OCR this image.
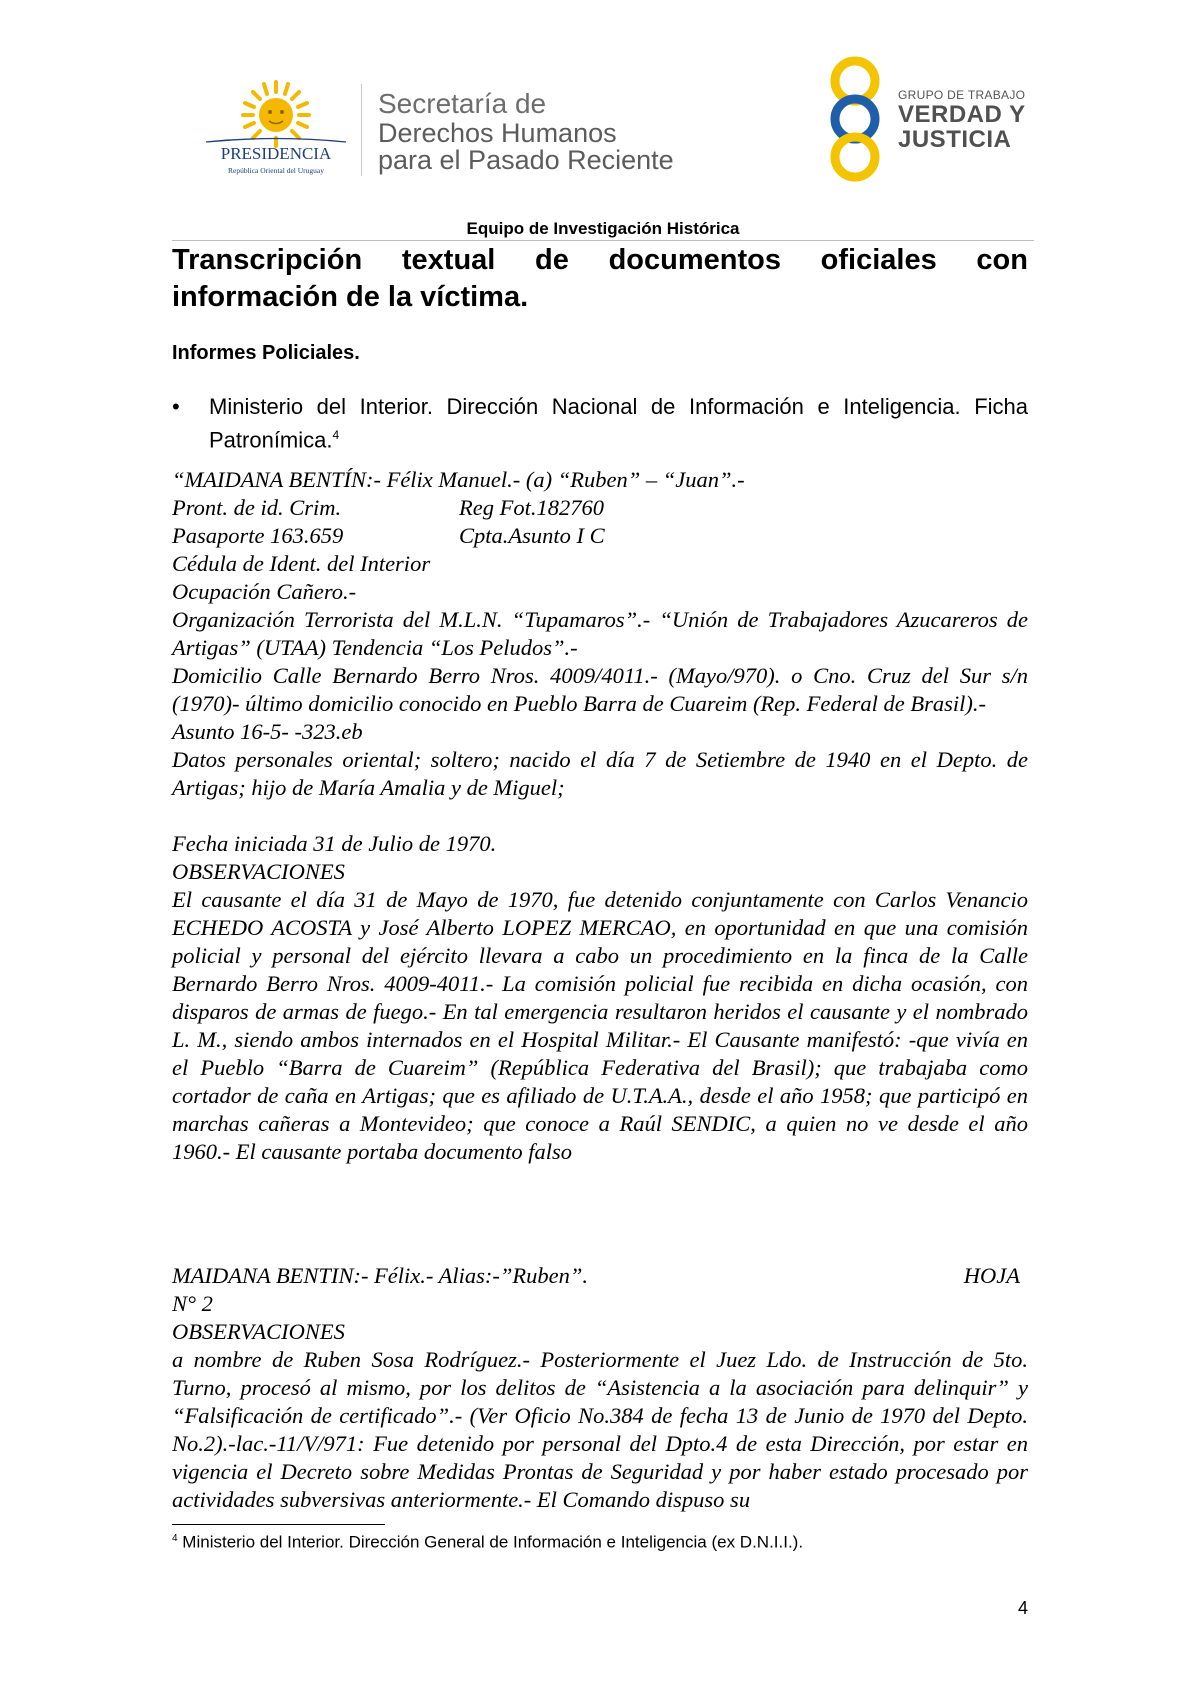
PRESIDENCIA
República Oriental del Uruguay
Secretaría de
Derechos Humanos
para el Pasado Reciente
GRUPO DE TRABAJO
VERDAD Y
JUSTICIA
Equipo de Investigación Histórica
Transcripción textual de documentos oficiales con información de la víctima.

Informes Policiales.

• Ministerio del Interior. Dirección Nacional de Información e Inteligencia. Ficha Patronímica.$^4$

“MAIDANA BENTÍN:- Félix Manuel.- (a) “Ruben” – “Juan”.-

Pront. de id. Crim.	Reg Fot.182760
Pasaporte 163.659	Cpta.Asunto I C

Cédula de Ident. del Interior

Ocupación Cañero.-

Organización Terrorista del M.L.N. “Tupamaros”.- “Unión de Trabajadores Azucareros de Artigas” (UTAA) Tendencia “Los Peludos”.-

Domicilio Calle Bernardo Berro Nros. 4009/4011.- (Mayo/970). o Cno. Cruz del Sur s/n (1970)- último domicilio conocido en Pueblo Barra de Cuareim (Rep. Federal de Brasil).-

Asunto 16-5- -323.eb

Datos personales oriental; soltero; nacido el día 7 de Setiembre de 1940 en el Depto. de Artigas; hijo de María Amalia y de Miguel;

Fecha iniciada 31 de Julio de 1970.

OBSERVACIONES

El causante el día 31 de Mayo de 1970, fue detenido conjuntamente con Carlos Venancio ECHEDO ACOSTA y José Alberto LOPEZ MERCAO, en oportunidad en que una comisión policial y personal del ejército llevara a cabo un procedimiento en la finca de la Calle Bernardo Berro Nros. 4009-4011.- La comisión policial fue recibida en dicha ocasión, con disparos de armas de fuego.- En tal emergencia resultaron heridos el causante y el nombrado L. M., siendo ambos internados en el Hospital Militar.- El Causante manifestó: -que vivía en el Pueblo “Barra de Cuareim” (República Federativa del Brasil); que trabajaba como cortador de caña en Artigas; que es afiliado de U.T.A.A., desde el año 1958; que participó en marchas cañeras a Montevideo; que conoce a Raúl SENDIC, a quien no ve desde el año 1960.- El causante portaba documento falso

MAIDANA BENTIN:- Félix.- Alias:-”Ruben”.	HOJA

N° 2

OBSERVACIONES

a nombre de Ruben Sosa Rodríguez.- Posteriormente el Juez Ldo. de Instrucción de 5to. Turno, procesó al mismo, por los delitos de “Asistencia a la asociación para delinquir” y “Falsificación de certificado”.- (Ver Oficio No.384 de fecha 13 de Junio de 1970 del Depto. No.2).-lac.-11/V/971: Fue detenido por personal del Dpto.4 de esta Dirección, por estar en vigencia el Decreto sobre Medidas Prontas de Seguridad y por haber estado procesado por actividades subversivas anteriormente.- El Comando dispuso su

$^4$ Ministerio del Interior. Dirección General de Información e Inteligencia (ex D.N.I.I.).
4
